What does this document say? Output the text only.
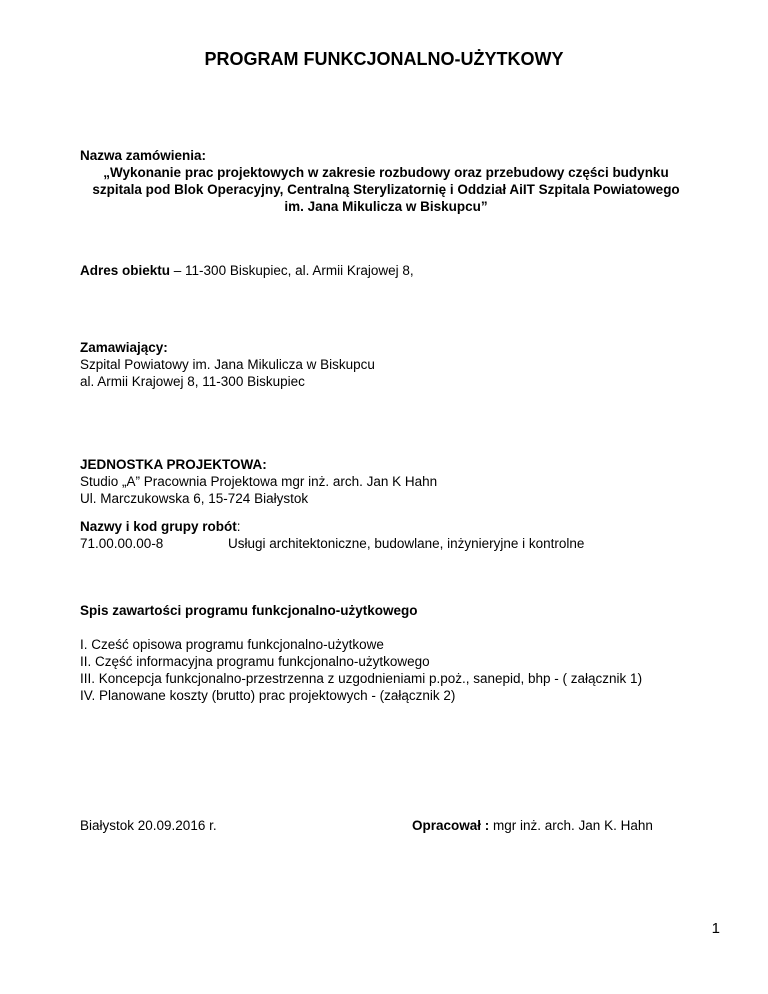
PROGRAM FUNKCJONALNO-UŻYTKOWY
Nazwa zamówienia:
„Wykonanie prac projektowych w zakresie rozbudowy oraz przebudowy części budynku
szpitala pod Blok Operacyjny, Centralną Sterylizatornię i Oddział AiIT Szpitala Powiatowego
im. Jana Mikulicza w Biskupcu”
Adres obiektu – 11-300 Biskupiec, al. Armii Krajowej 8,
Zamawiający:
Szpital Powiatowy im. Jana Mikulicza w Biskupcu
al. Armii Krajowej 8, 11-300 Biskupiec
JEDNOSTKA PROJEKTOWA:
Studio „A” Pracownia Projektowa mgr inż. arch. Jan K Hahn
Ul. Marczukowska 6, 15-724 Białystok
Nazwy i kod grupy robót:
71.00.00.00-8	Usługi architektoniczne, budowlane, inżynieryjne i kontrolne
Spis zawartości programu funkcjonalno-użytkowego
I. Cześć opisowa programu funkcjonalno-użytkowe
II. Część informacyjna programu funkcjonalno-użytkowego
III. Koncepcja funkcjonalno-przestrzenna z uzgodnieniami p.poż., sanepid, bhp - ( załącznik 1)
IV. Planowane koszty (brutto) prac projektowych - (załącznik 2)
Białystok 20.09.2016 r.	Opracował : mgr inż. arch. Jan K. Hahn
1
